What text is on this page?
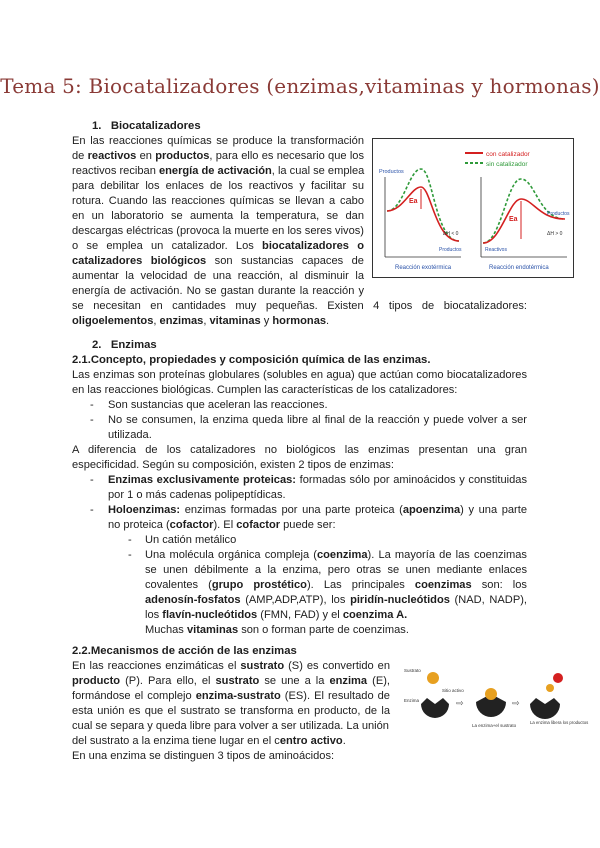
Tema 5: Biocatalizadores (enzimas,vitaminas y hormonas)
1. Biocatalizadores
En las reacciones químicas se produce la transformación
de reactivos en productos, para ello es necesario que los
reactivos reciban energía de activación, la cual se emplea
para debilitar los enlaces de los reactivos y facilitar su
rotura. Cuando las reacciones químicas se llevan a cabo
en un laboratorio se aumenta la temperatura, se dan
descargas eléctricas (provoca la muerte en los seres vivos)
o se emplea un catalizador. Los biocatalizadores o
catalizadores biológicos son sustancias capaces de
aumentar la velocidad de una reacción, al disminuir la
energía de activación. No se gastan durante la reacción y
se necesitan en cantidades muy pequeñas. Existen 4 tipos de biocatalizadores:
oligoelementos, enzimas, vitaminas y hormonas.
con catalizador
sin catalizador
Productos
Ea
ΔH < 0
Productos
Reacción exotérmica
Ea
Productos
ΔH > 0
Reactivos
Reacción endotérmica
2. Enzimas
2.1.Concepto, propiedades y composición química de las enzimas.
Las enzimas son proteínas globulares (solubles en agua) que actúan como biocatalizadores
en las reacciones biológicas. Cumplen las características de los catalizadores:
- Son sustancias que aceleran las reacciones.
- No se consumen, la enzima queda libre al final de la reacción y puede volver a ser
utilizada.
A diferencia de los catalizadores no biológicos las enzimas presentan una gran
especificidad. Según su composición, existen 2 tipos de enzimas:
- Enzimas exclusivamente proteicas: formadas sólo por aminoácidos y constituidas
por 1 o más cadenas polipeptídicas.
- Holoenzimas: enzimas formadas por una parte proteica (apoenzima) y una parte
no proteica (cofactor). El cofactor puede ser:
- Un catión metálico
- Una molécula orgánica compleja (coenzima). La mayoría de las coenzimas
se unen débilmente a la enzima, pero otras se unen mediante enlaces
covalentes (grupo prostético). Las principales coenzimas son: los
adenosín-fosfatos (AMP,ADP,ATP), los piridín-nucleótidos (NAD, NADP),
los flavín-nucleótidos (FMN, FAD) y el coenzima A.
Muchas vitaminas son o forman parte de coenzimas.
2.2.Mecanismos de acción de las enzimas
En las reacciones enzimáticas el sustrato (S) es convertido en
producto (P). Para ello, el sustrato se une a la enzima (E),
formándose el complejo enzima-sustrato (ES). El resultado de
esta unión es que el sustrato se transforma en producto, de la
cual se separa y queda libre para volver a ser utilizada. La unión
del sustrato a la enzima tiene lugar en el centro activo.
En una enzima se distinguen 3 tipos de aminoácidos:
Sustrato
Enzima
Sitio activo
⇨
La enzima+el sustrato
⇨
La enzima libera los productos
